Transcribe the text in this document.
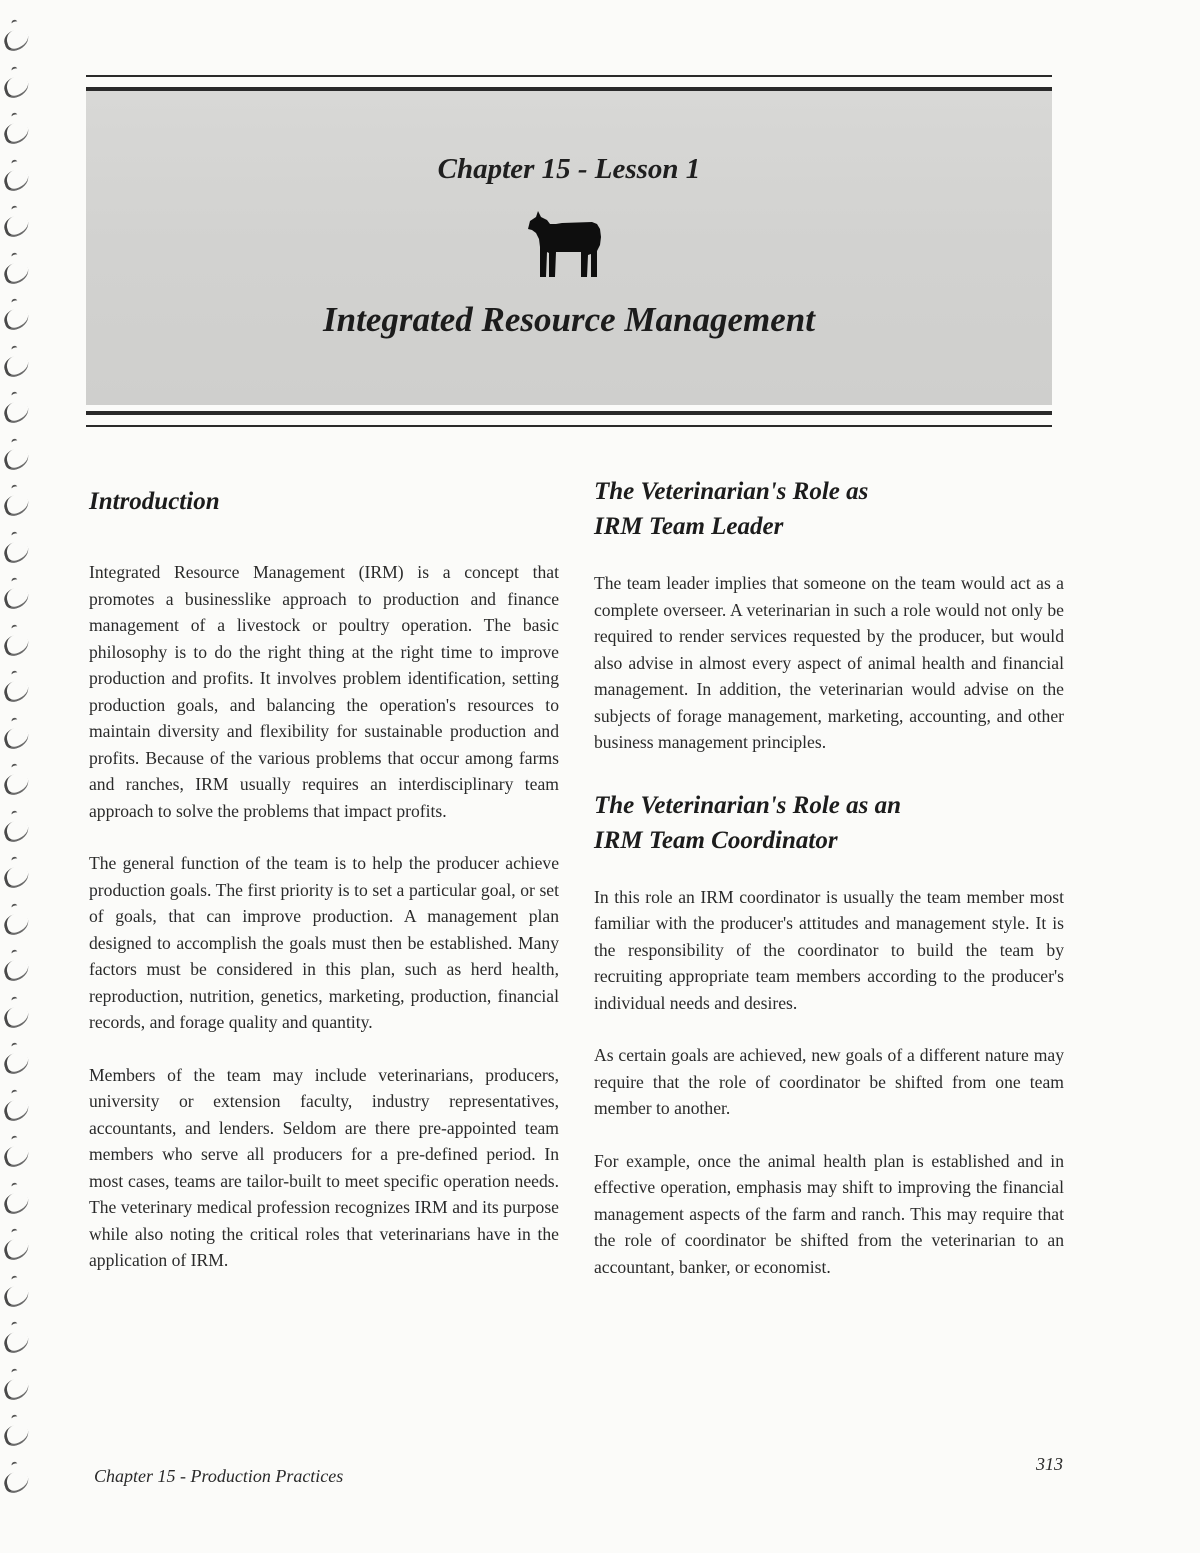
Chapter 15 - Lesson 1
Integrated Resource Management
Introduction

Integrated Resource Management (IRM) is a concept that promotes a businesslike approach to production and finance management of a livestock or poultry operation. The basic philosophy is to do the right thing at the right time to improve production and profits. It involves problem identification, setting production goals, and balancing the operation's resources to maintain diversity and flexibility for sustainable production and profits. Because of the various problems that occur among farms and ranches, IRM usually requires an interdisciplinary team approach to solve the problems that impact profits.

The general function of the team is to help the producer achieve production goals. The first priority is to set a particular goal, or set of goals, that can improve production. A management plan designed to accomplish the goals must then be established. Many factors must be considered in this plan, such as herd health, reproduction, nutrition, genetics, marketing, production, financial records, and forage quality and quantity.

Members of the team may include veterinarians, producers, university or extension faculty, industry representatives, accountants, and lenders. Seldom are there pre-appointed team members who serve all producers for a pre-defined period. In most cases, teams are tailor-built to meet specific operation needs. The veterinary medical profession recognizes IRM and its purpose while also noting the critical roles that veterinarians have in the application of IRM.

The Veterinarian's Role as
IRM Team Leader

The team leader implies that someone on the team would act as a complete overseer. A veterinarian in such a role would not only be required to render services requested by the producer, but would also advise in almost every aspect of animal health and financial management. In addition, the veterinarian would advise on the subjects of forage management, marketing, accounting, and other business management principles.

The Veterinarian's Role as an
IRM Team Coordinator

In this role an IRM coordinator is usually the team member most familiar with the producer's attitudes and management style. It is the responsibility of the coordinator to build the team by recruiting appropriate team members according to the producer's individual needs and desires.

As certain goals are achieved, new goals of a different nature may require that the role of coordinator be shifted from one team member to another.

For example, once the animal health plan is established and in effective operation, emphasis may shift to improving the financial management aspects of the farm and ranch. This may require that the role of coordinator be shifted from the veterinarian to an accountant, banker, or economist.

Chapter 15 - Production Practices
313
